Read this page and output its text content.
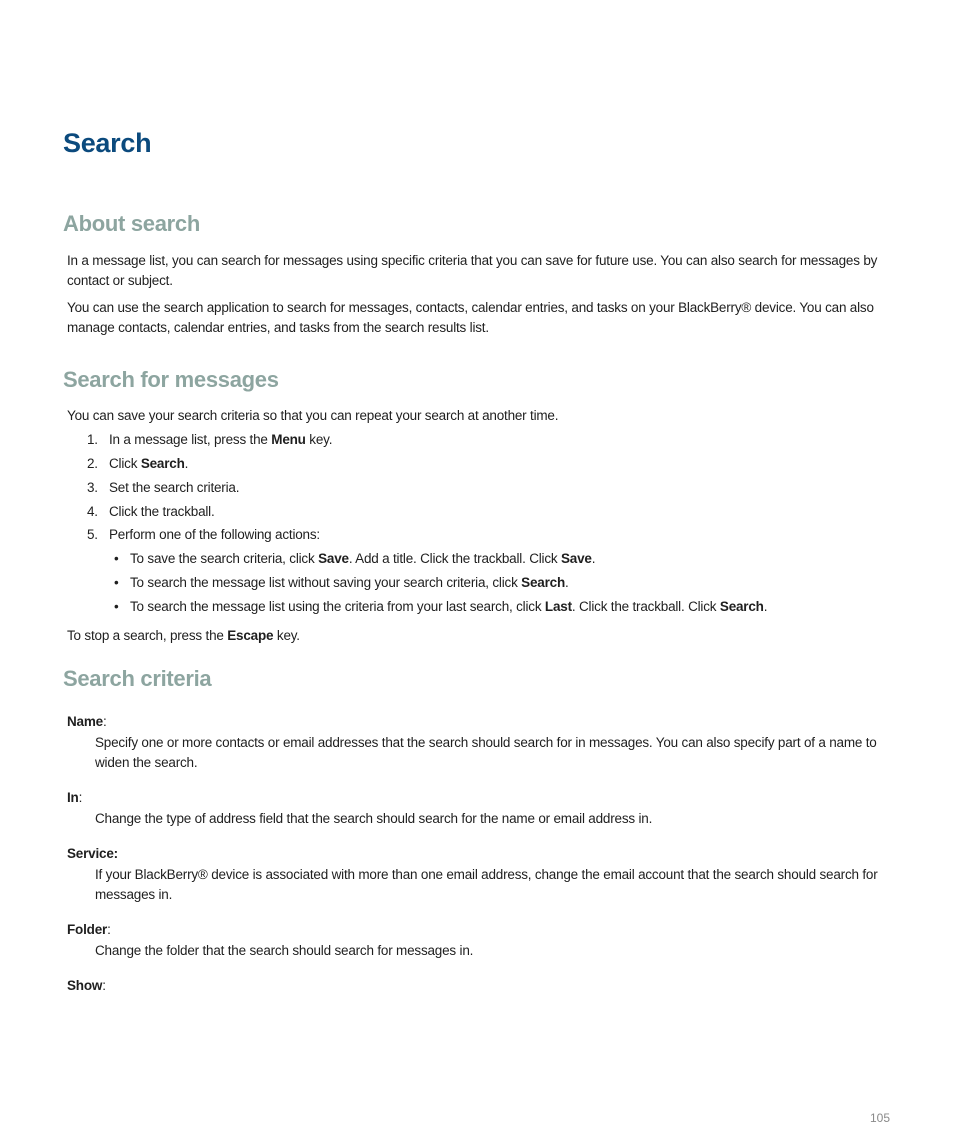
Search
About search

In a message list, you can search for messages using specific criteria that you can save for future use. You can also search for messages by contact or subject.

You can use the search application to search for messages, contacts, calendar entries, and tasks on your BlackBerry® device. You can also manage contacts, calendar entries, and tasks from the search results list.

Search for messages

You can save your search criteria so that you can repeat your search at another time.

1. In a message list, press the Menu key.

2. Click Search.

3. Set the search criteria.

4. Click the trackball.

5. Perform one of the following actions:

• To save the search criteria, click Save. Add a title. Click the trackball. Click Save.

• To search the message list without saving your search criteria, click Search.

• To search the message list using the criteria from your last search, click Last. Click the trackball. Click Search.

To stop a search, press the Escape key.

Search criteria

Name:

Specify one or more contacts or email addresses that the search should search for in messages. You can also specify part of a name to widen the search.

In:

Change the type of address field that the search should search for the name or email address in.

Service:

If your BlackBerry® device is associated with more than one email address, change the email account that the search should search for messages in.

Folder:

Change the folder that the search should search for messages in.

Show:

105
